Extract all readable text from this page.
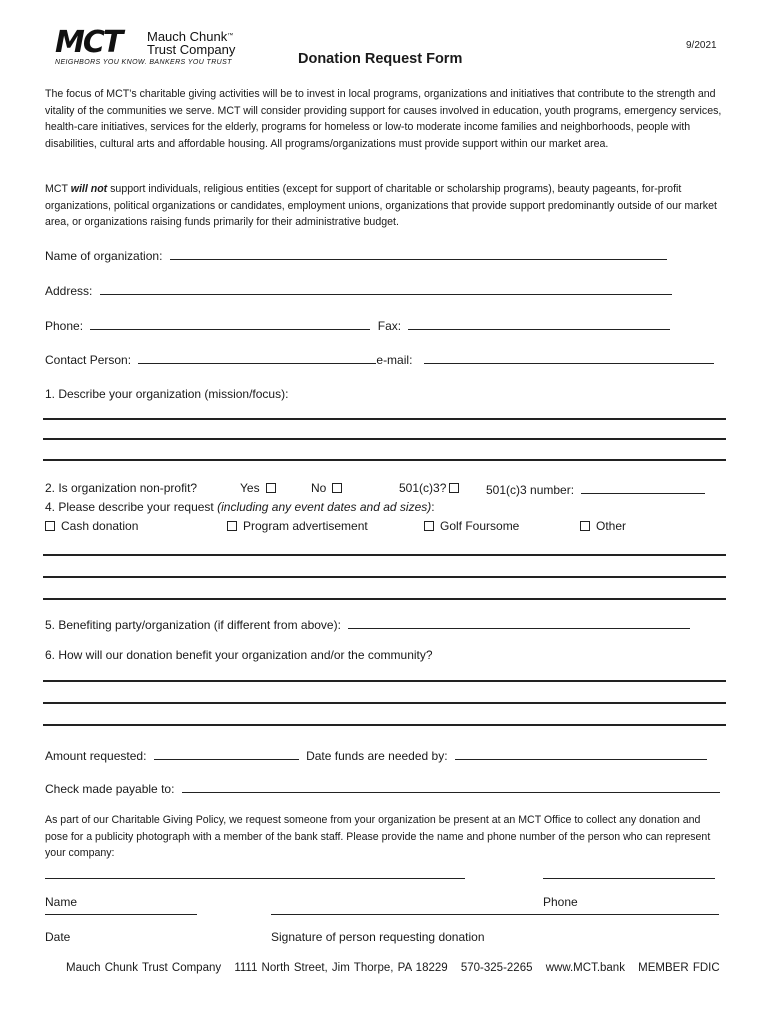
MCT Mauch Chunk™
Trust Company
NEIGHBORS YOU KNOW. BANKERS YOU TRUST
9/2021
Donation Request Form

The focus of MCT’s charitable giving activities will be to invest in local programs, organizations and initiatives that contribute to the strength and vitality of the communities we serve. MCT will consider providing support for causes involved in education, youth programs, emergency services, health-care initiatives, services for the elderly, programs for homeless or low-to moderate income families and neighborhoods, people with disabilities, cultural arts and affordable housing. All programs/organizations must provide support within our market area.

MCT will not support individuals, religious entities (except for support of charitable or scholarship programs), beauty pageants, for-profit organizations, political organizations or candidates, employment unions, organizations that provide support predominantly outside of our market area, or organizations raising funds primarily for their administrative budget.

Name of organization:
Address:
Phone:	Fax:
Contact Person:	e-mail:
1. Describe your organization (mission/focus):
2. Is organization non-profit?	Yes	No	501(c)3?	501(c)3 number:
4. Please describe your request (including any event dates and ad sizes):
Cash donation	Program advertisement	Golf Foursome	Other
5. Benefiting party/organization (if different from above):
6. How will our donation benefit your organization and/or the community?
Amount requested:	Date funds are needed by:
Check made payable to:

As part of our Charitable Giving Policy, we request someone from your organization be present at an MCT Office to collect any donation and pose for a publicity photograph with a member of the bank staff. Please provide the name and phone number of the person who can represent your company:

Name	Phone
Date	Signature of person requesting donation
Mauch Chunk Trust Company 1111 North Street, Jim Thorpe, PA 18229 570-325-2265 www.MCT.bank MEMBER FDIC
